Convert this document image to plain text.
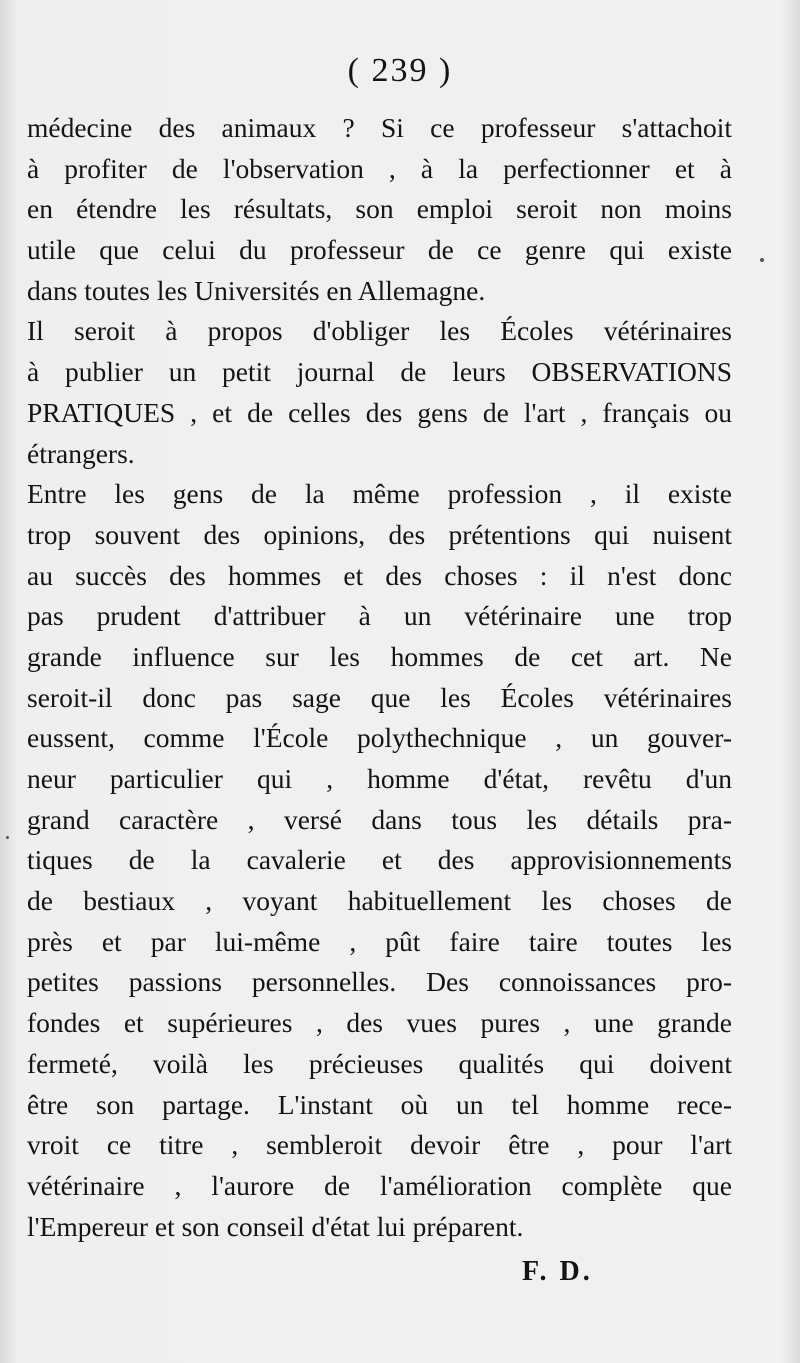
( 239 )
médecine des animaux ? Si ce professeur s'attachoit
à profiter de l'observation , à la perfectionner et à
en étendre les résultats, son emploi seroit non moins
utile que celui du professeur de ce genre qui existe
dans toutes les Universités en Allemagne.
Il seroit à propos d'obliger les Écoles vétérinaires
à publier un petit journal de leurs OBSERVATIONS
PRATIQUES , et de celles des gens de l'art , français ou
étrangers.
Entre les gens de la même profession , il existe
trop souvent des opinions, des prétentions qui nuisent
au succès des hommes et des choses : il n'est donc
pas prudent d'attribuer à un vétérinaire une trop
grande influence sur les hommes de cet art. Ne
seroit-il donc pas sage que les Écoles vétérinaires
eussent, comme l'École polythechnique , un gouver-
neur particulier qui , homme d'état, revêtu d'un
grand caractère , versé dans tous les détails pra-
tiques de la cavalerie et des approvisionnements
de bestiaux , voyant habituellement les choses de
près et par lui-même , pût faire taire toutes les
petites passions personnelles. Des connoissances pro-
fondes et supérieures , des vues pures , une grande
fermeté, voilà les précieuses qualités qui doivent
être son partage. L'instant où un tel homme rece-
vroit ce titre , sembleroit devoir être , pour l'art
vétérinaire , l'aurore de l'amélioration complète que
l'Empereur et son conseil d'état lui préparent.
F. D.
